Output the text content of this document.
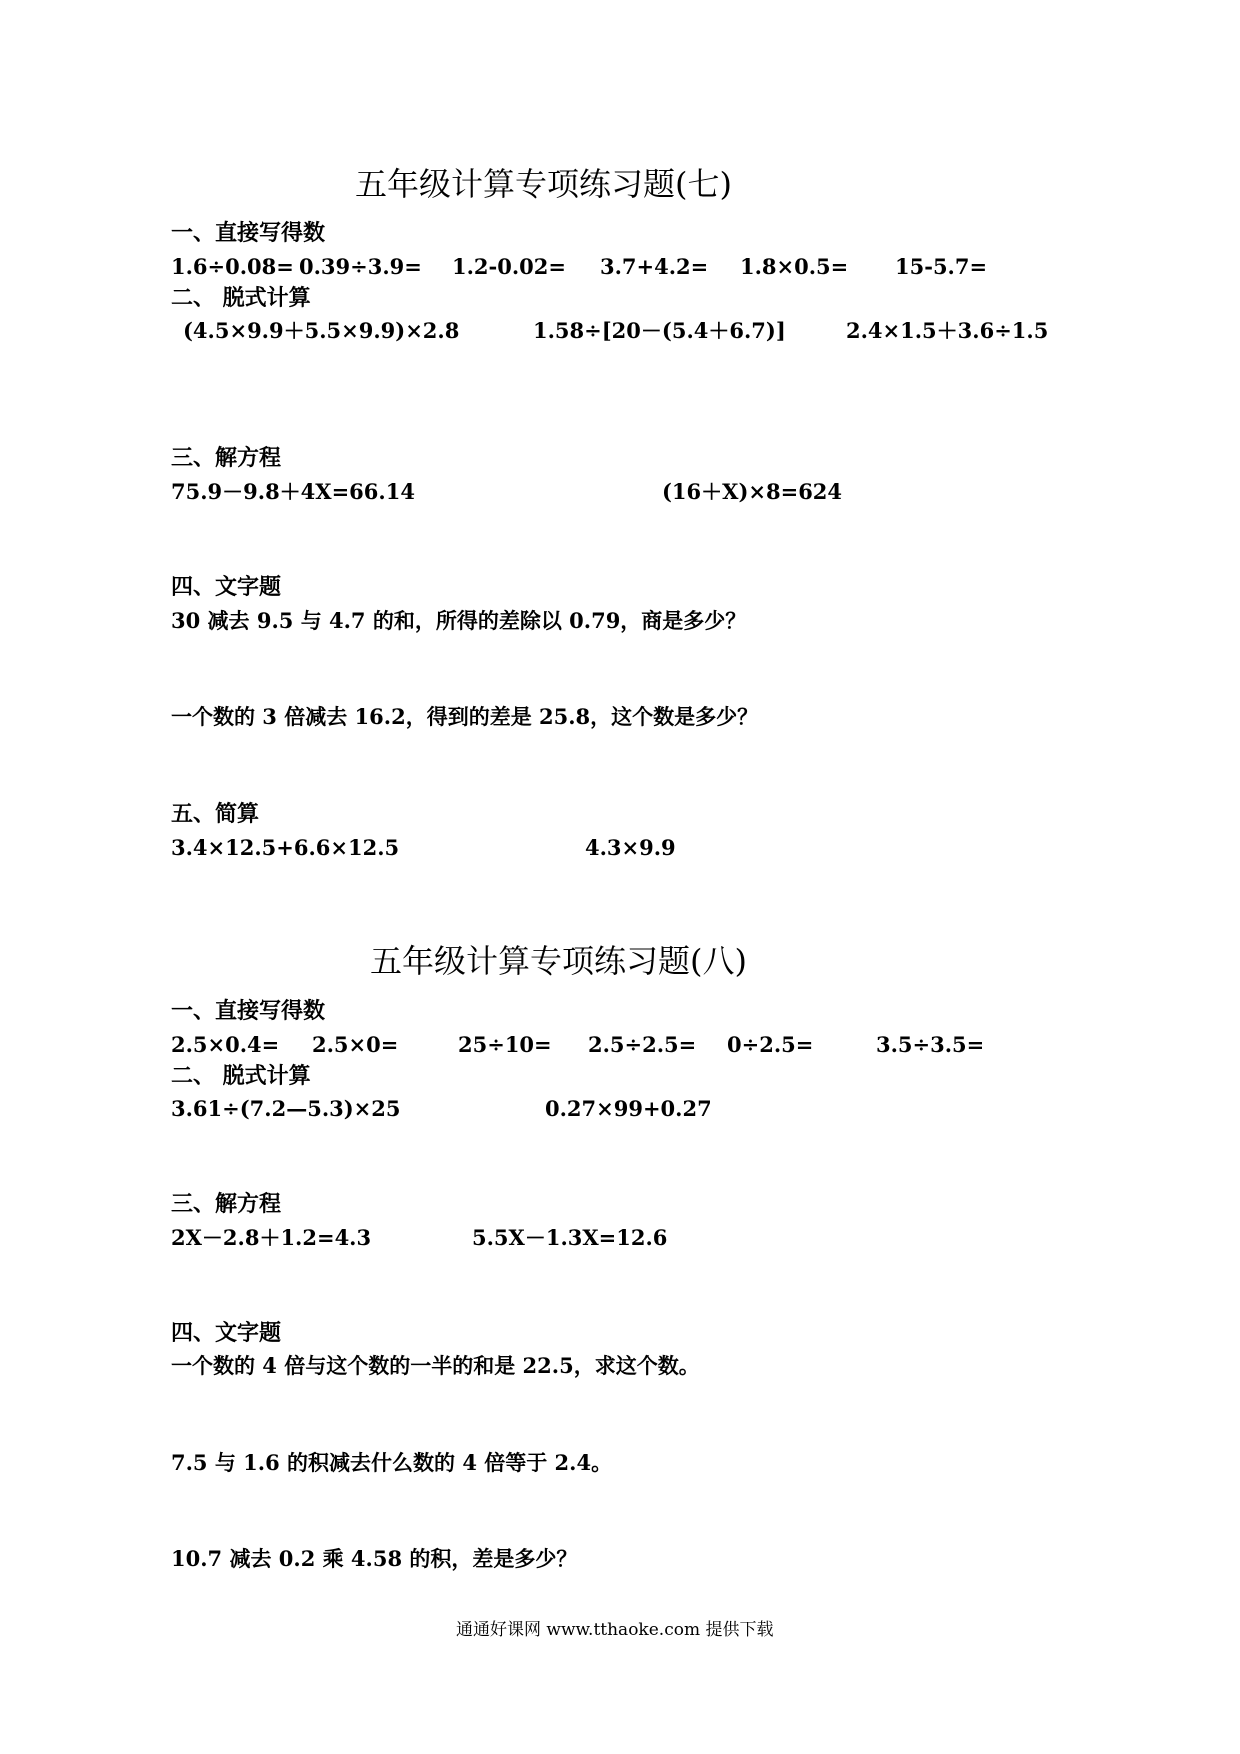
五年级计算专项练习题(七)
一、直接写得数
1.6÷0.08= 0.39÷3.9= 1.2-0.02= 3.7+4.2= 1.8×0.5= 15-5.7=
二、 脱式计算
(4.5×9.9＋5.5×9.9)×2.8	1.58÷[20－(5.4＋6.7)]	2.4×1.5＋3.6÷1.5
三、解方程
75.9－9.8＋4X=66.14	(16＋X)×8=624
四、文字题
30 减去 9.5 与 4.7 的和，所得的差除以 0.79，商是多少？
一个数的 3 倍减去 16.2，得到的差是 25.8，这个数是多少？
五、简算
3.4×12.5+6.6×12.5	4.3×9.9
五年级计算专项练习题(八)
一、直接写得数
2.5×0.4= 2.5×0=	25÷10= 2.5÷2.5= 0÷2.5=	3.5÷3.5=
二、 脱式计算
3.61÷(7.2—5.3)×25	0.27×99+0.27
三、解方程
2X－2.8＋1.2=4.3	5.5X－1.3X=12.6
四、文字题
一个数的 4 倍与这个数的一半的和是 22.5，求这个数。
7.5 与 1.6 的积减去什么数的 4 倍等于 2.4。
10.7 减去 0.2 乘 4.58 的积，差是多少？
通通好课网 www.tthaoke.com 提供下载
